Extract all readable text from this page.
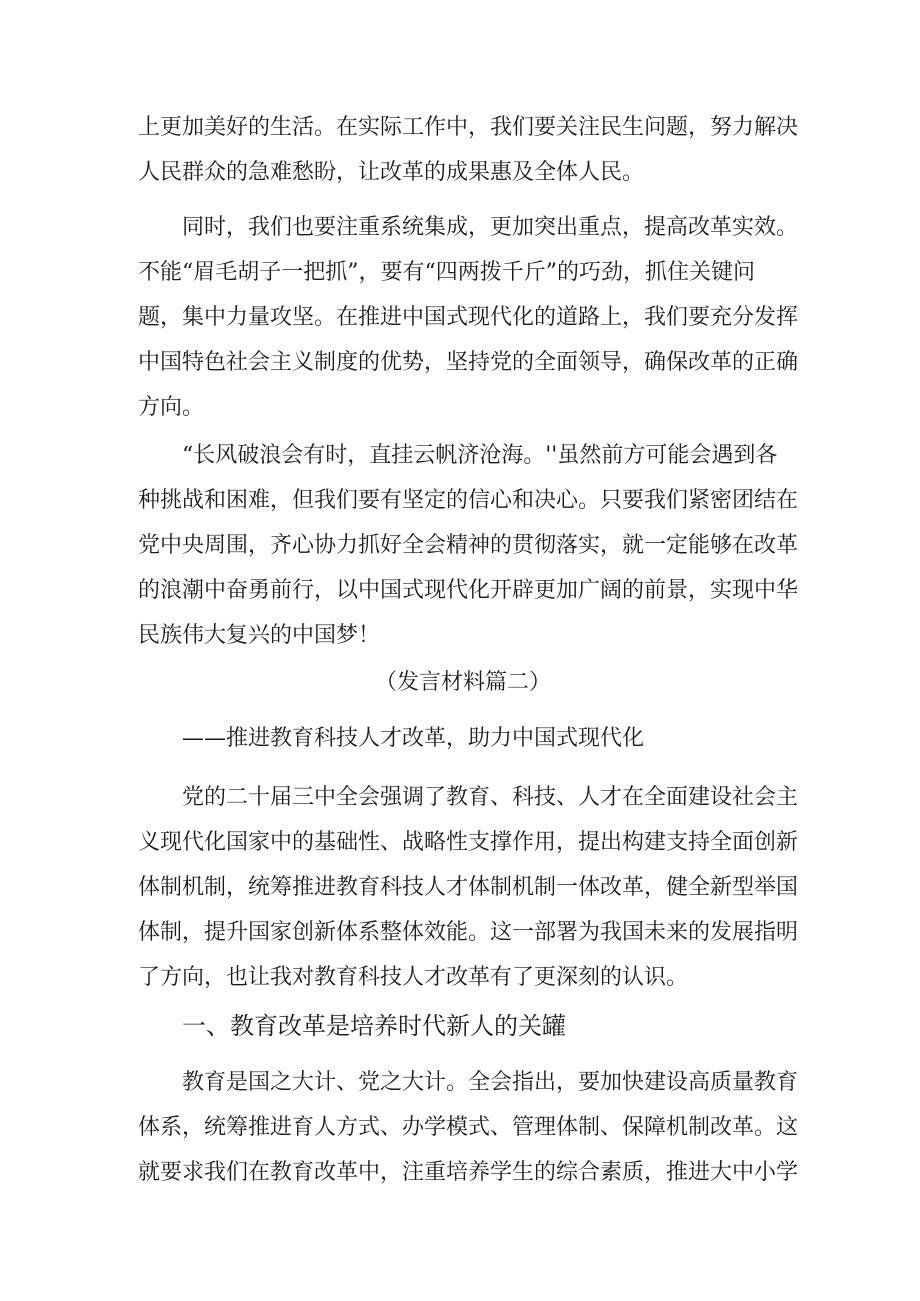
上更加美好的生活。在实际工作中，我们要关注民生问题，努力解决
人民群众的急难愁盼，让改革的成果惠及全体人民。

　　同时，我们也要注重系统集成，更加突出重点，提高改革实效。
不能“眉毛胡子一把抓”，要有“四两拨千斤”的巧劲，抓住关键问
题，集中力量攻坚。在推进中国式现代化的道路上，我们要充分发挥
中国特色社会主义制度的优势，坚持党的全面领导，确保改革的正确
方向。

　　“长风破浪会有时，直挂云帆济沧海。''虽然前方可能会遇到各
种挑战和困难，但我们要有坚定的信心和决心。只要我们紧密团结在
党中央周围，齐心协力抓好全会精神的贯彻落实，就一定能够在改革
的浪潮中奋勇前行，以中国式现代化开辟更加广阔的前景，实现中华
民族伟大复兴的中国梦！

（发言材料篇二）

——推进教育科技人才改革，助力中国式现代化

　　党的二十届三中全会强调了教育、科技、人才在全面建设社会主
义现代化国家中的基础性、战略性支撑作用，提出构建支持全面创新
体制机制，统筹推进教育科技人才体制机制一体改革，健全新型举国
体制，提升国家创新体系整体效能。这一部署为我国未来的发展指明
了方向，也让我对教育科技人才改革有了更深刻的认识。

一、教育改革是培养时代新人的关罐

　　教育是国之大计、党之大计。全会指出，要加快建设高质量教育
体系，统筹推进育人方式、办学模式、管理体制、保障机制改革。这
就要求我们在教育改革中，注重培养学生的综合素质，推进大中小学
